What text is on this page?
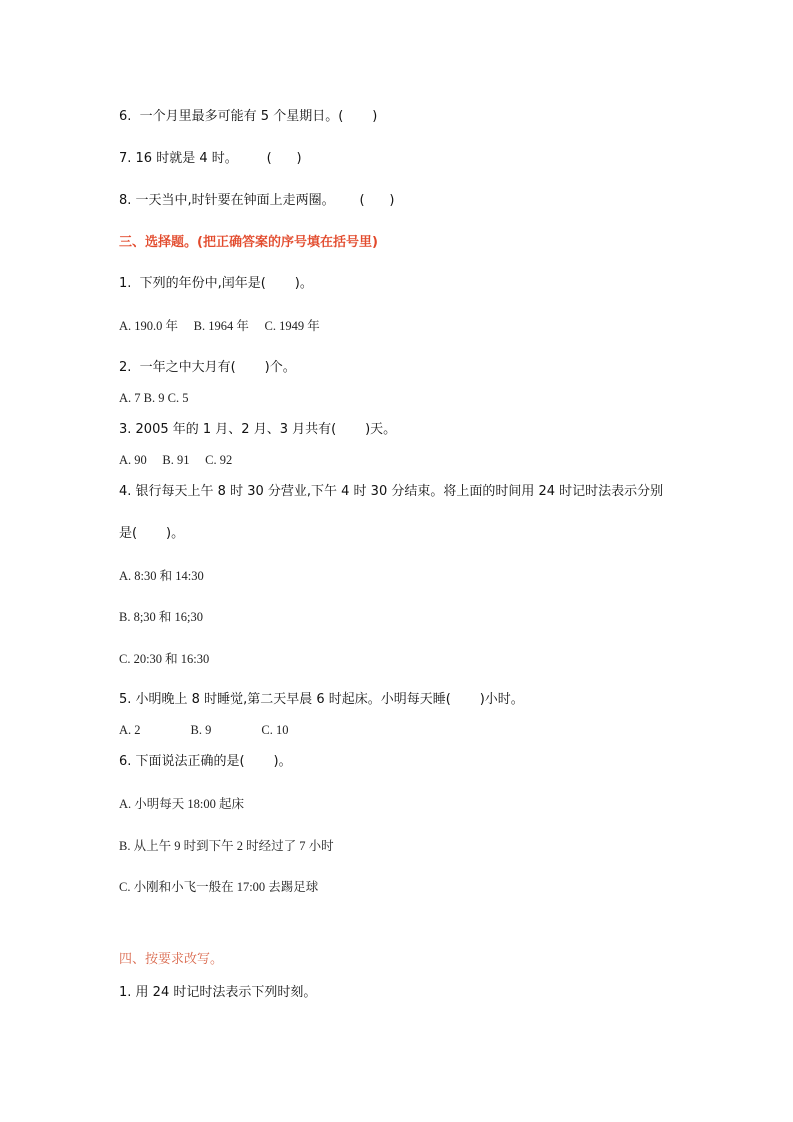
6.  一个月里最多可能有 5 个星期日。(       )
7. 16 时就是 4 时。       (      )
8. 一天当中,时针要在钟面上走两圈。      (      )
三、选择题。(把正确答案的序号填在括号里)
1.  下列的年份中,闰年是(       )。
A. 190.0 年     B. 1964 年     C. 1949 年
2.  一年之中大月有(       )个。
A. 7 B. 9 C. 5
3. 2005 年的 1 月、2 月、3 月共有(       )天。
A. 90     B. 91     C. 92
4. 银行每天上午 8 时 30 分营业,下午 4 时 30 分结束。将上面的时间用 24 时记时法表示分别
是(       )。
A. 8:30 和 14:30
B. 8;30 和 16;30
C. 20:30 和 16:30
5. 小明晚上 8 时睡觉,第二天早晨 6 时起床。小明每天睡(       )小时。
A. 2                B. 9                C. 10
6. 下面说法正确的是(       )。
A. 小明每天 18:00 起床
B. 从上午 9 时到下午 2 时经过了 7 小时
C. 小刚和小飞一般在 17:00 去踢足球
四、按要求改写。
1. 用 24 时记时法表示下列时刻。
